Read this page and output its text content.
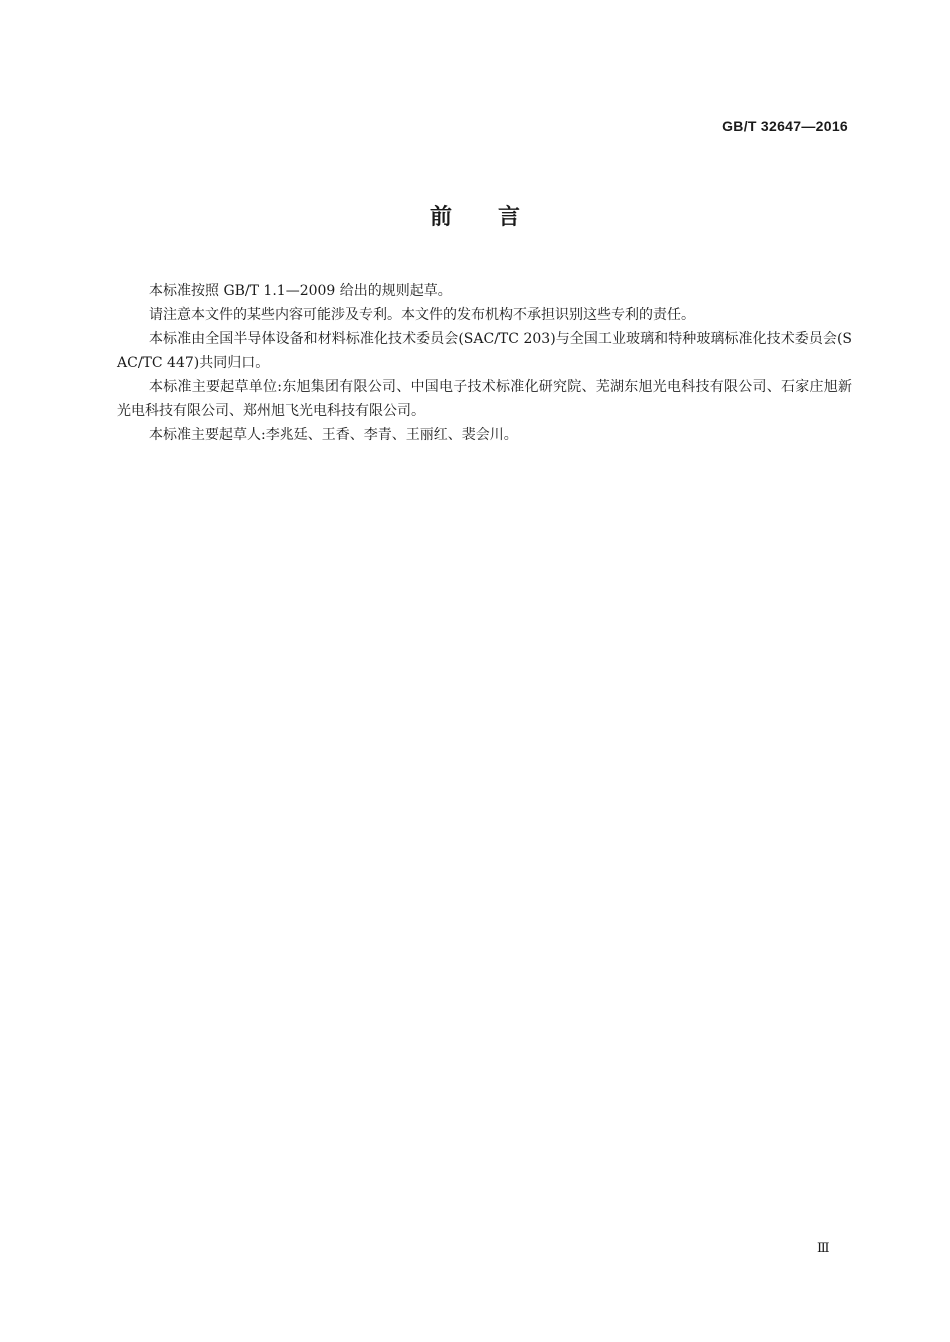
GB/T 32647—2016
前言

本标准按照 GB/T 1.1—2009 给出的规则起草。

请注意本文件的某些内容可能涉及专利。本文件的发布机构不承担识别这些专利的责任。

本标准由全国半导体设备和材料标准化技术委员会(SAC/TC 203)与全国工业玻璃和特种玻璃标准化技术委员会(SAC/TC 447)共同归口。

本标准主要起草单位:东旭集团有限公司、中国电子技术标准化研究院、芜湖东旭光电科技有限公司、石家庄旭新光电科技有限公司、郑州旭飞光电科技有限公司。

本标准主要起草人:李兆廷、王香、李青、王丽红、裴会川。

Ⅲ
